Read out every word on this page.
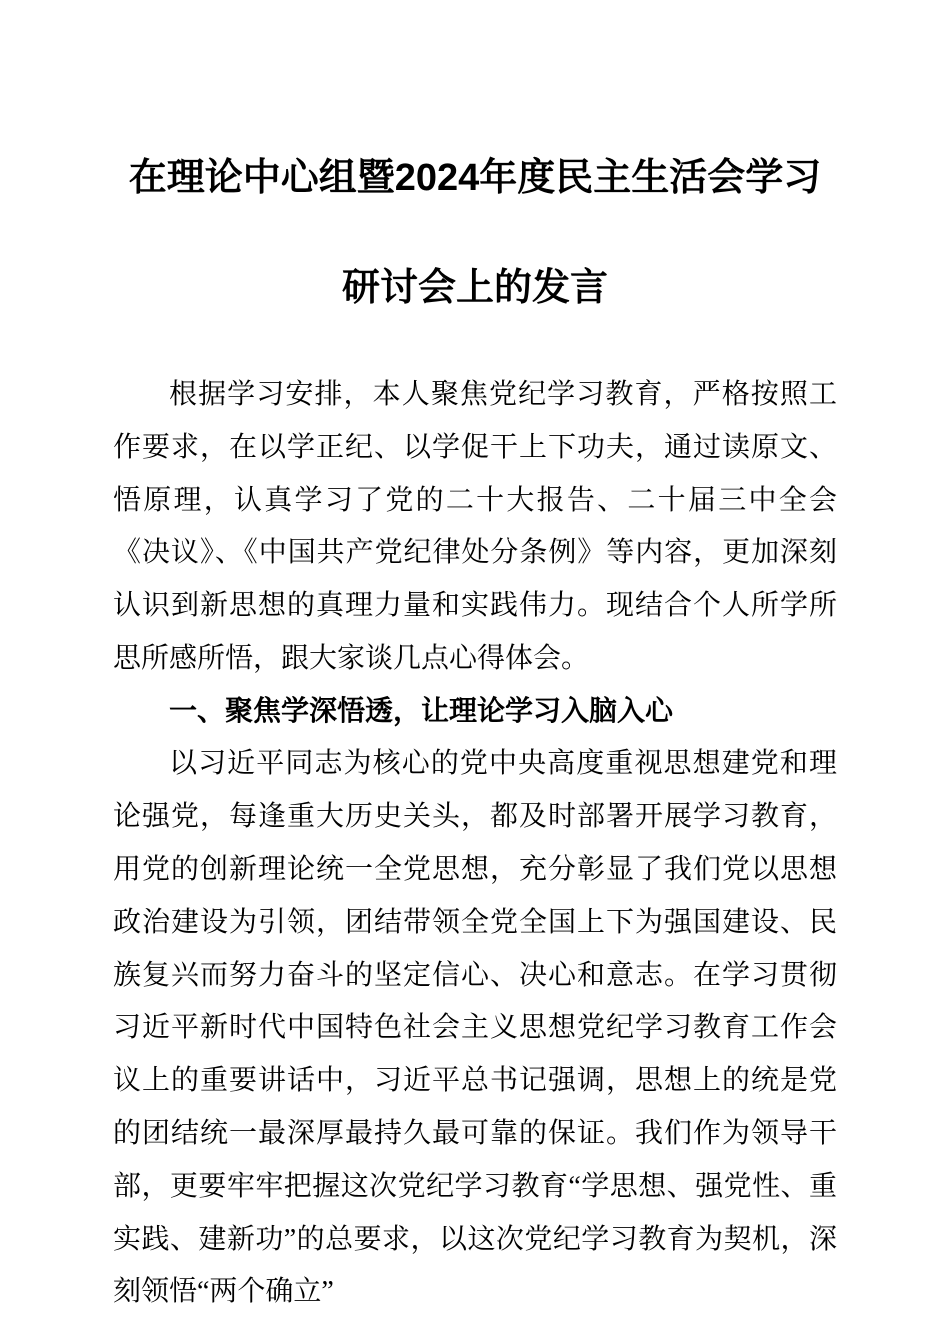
在理论中心组暨2024年度民主生活会学习
研讨会上的发言

根据学习安排，本人聚焦党纪学习教育，严格按照工作要求，在以学正纪、以学促干上下功夫，通过读原文、悟原理，认真学习了党的二十大报告、二十届三中全会《决议》、《中国共产党纪律处分条例》等内容，更加深刻认识到新思想的真理力量和实践伟力。现结合个人所学所思所感所悟，跟大家谈几点心得体会。

一、聚焦学深悟透，让理论学习入脑入心

以习近平同志为核心的党中央高度重视思想建党和理论强党，每逢重大历史关头，都及时部署开展学习教育，用党的创新理论统一全党思想，充分彰显了我们党以思想政治建设为引领，团结带领全党全国上下为强国建设、民族复兴而努力奋斗的坚定信心、决心和意志。在学习贯彻习近平新时代中国特色社会主义思想党纪学习教育工作会议上的重要讲话中，习近平总书记强调，思想上的统是党的团结统一最深厚最持久最可靠的保证。我们作为领导干部，更要牢牢把握这次党纪学习教育“学思想、强党性、重实践、建新功”的总要求，以这次党纪学习教育为契机，深刻领悟“两个确立”
